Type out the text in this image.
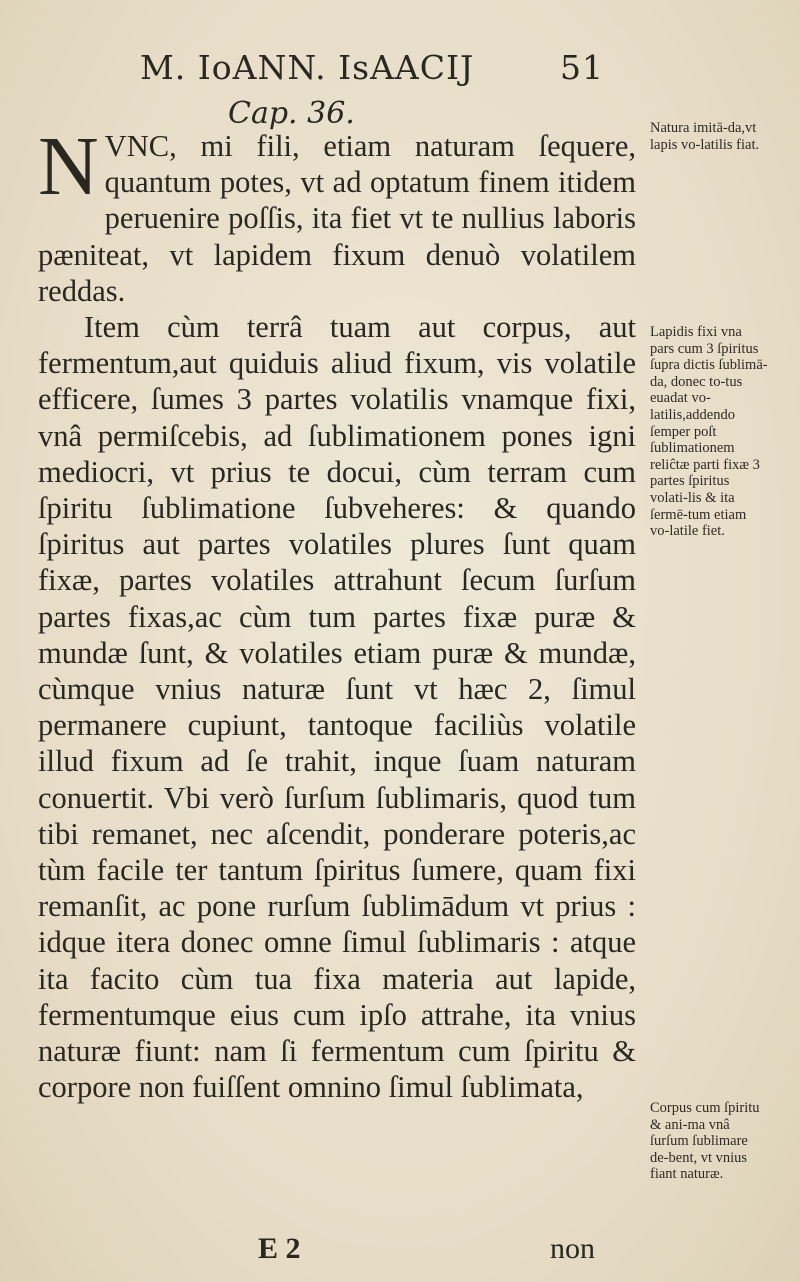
M. IoANN. IsAACIJ	51
Cap. 36.

N VNC, mi fili, etiam naturam ſequere, quantum potes, vt ad optatum finem itidem peruenire poſſis, ita fiet vt te nullius laboris pæniteat, vt lapidem fixum denuò volatilem reddas.

Item cùm terrâ tuam aut corpus, aut fermentum,aut quiduis aliud fixum, vis volatile efficere, ſumes 3 partes volatilis vnamque fixi, vnâ permiſcebis, ad ſublimationem pones igni mediocri, vt prius te docui, cùm terram cum ſpiritu ſublimatione ſubveheres: & quando ſpiritus aut partes volatiles plures ſunt quam fixæ, partes volatiles attrahunt ſecum ſurſum partes fixas,ac cùm tum partes fixæ puræ & mundæ ſunt, & volatiles etiam puræ & mundæ, cùmque vnius naturæ ſunt vt hæc 2, ſimul permanere cupiunt, tantoque faciliùs volatile illud fixum ad ſe trahit, inque ſuam naturam conuertit. Vbi verò ſurſum ſublimaris, quod tum tibi remanet, nec aſcendit, ponderare poteris,ac tùm facile ter tantum ſpiritus ſumere, quam fixi remanſit, ac pone rurſum ſublimādum vt prius : idque itera donec omne ſimul ſublimaris : atque ita facito cùm tua fixa materia aut lapide, fermentumque eius cum ipſo attrahe, ita vnius naturæ fiunt: nam ſi fermentum cum ſpiritu & corpore non fuiſſent omnino ſimul ſublimata,

Natura imitā-da,vt lapis vo-latilis fiat.
Lapidis fixi vna pars cum 3 ſpiritus ſupra dictis ſublimā-da, donec to-tus euadat vo-latilis,addendo ſemper poſt ſublimationem reliĉtæ parti fixæ 3 partes ſpiritus volati-lis & ita ſermē-tum etiam vo-latile fiet.
Corpus cum ſpiritu & ani-ma vnâ ſurſum ſublimare de-bent, vt vnius fiant naturæ.
E 2	non
